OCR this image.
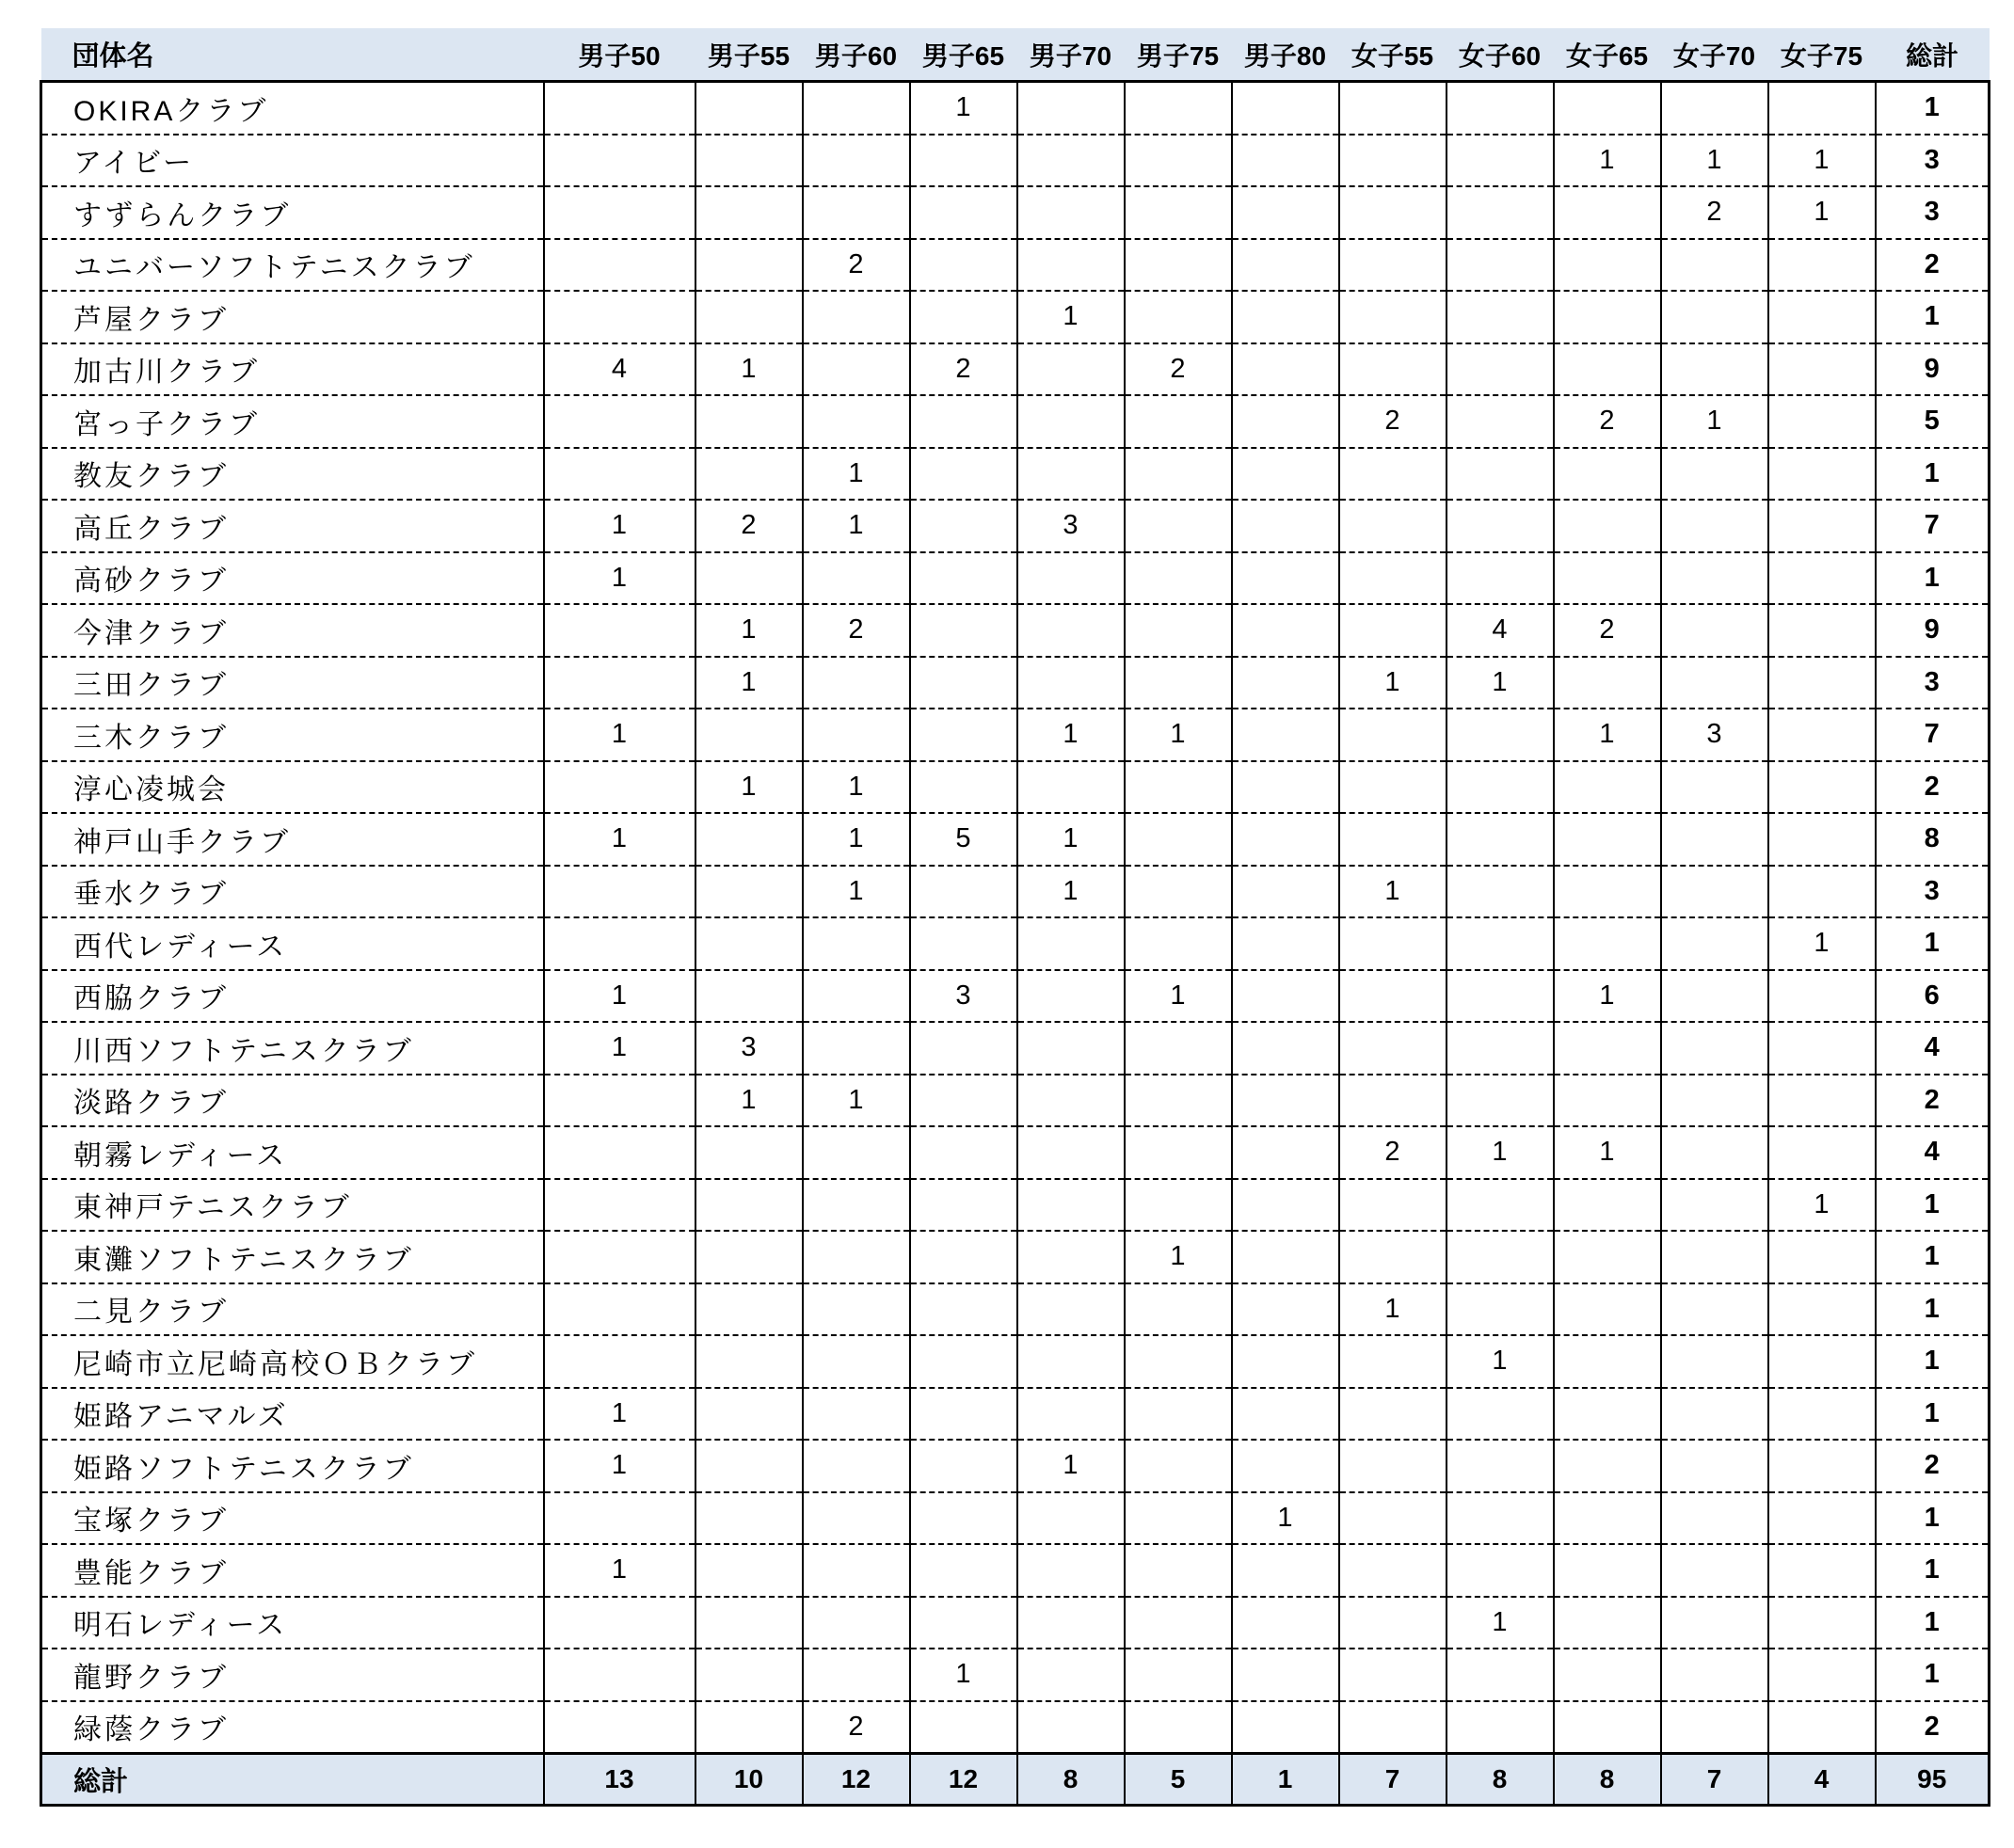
団体名	男子50	男子55	男子60	男子65	男子70	男子75	男子80	女子55	女子60	女子65	女子70	女子75	総計
OKIRAクラブ				1									1
アイビー										1	1	1	3
すずらんクラブ											2	1	3
ユニバーソフトテニスクラブ			2										2
芦屋クラブ					1								1
加古川クラブ	4	1		2		2							9
宮っ子クラブ								2		2	1		5
教友クラブ			1										1
高丘クラブ	1	2	1		3								7
高砂クラブ	1												1
今津クラブ		1	2						4	2			9
三田クラブ		1						1	1				3
三木クラブ	1				1	1				1	3		7
淳心凌城会		1	1										2
神戸山手クラブ	1		1	5	1								8
垂水クラブ			1		1			1					3
西代レディース												1	1
西脇クラブ	1			3		1				1			6
川西ソフトテニスクラブ	1	3											4
淡路クラブ		1	1										2
朝霧レディース								2	1	1			4
東神戸テニスクラブ												1	1
東灘ソフトテニスクラブ						1							1
二見クラブ								1					1
尼崎市立尼崎高校ＯＢクラブ									1				1
姫路アニマルズ	1												1
姫路ソフトテニスクラブ	1				1								2
宝塚クラブ							1						1
豊能クラブ	1												1
明石レディース									1				1
龍野クラブ				1									1
緑蔭クラブ			2										2
総計	13	10	12	12	8	5	1	7	8	8	7	4	95
